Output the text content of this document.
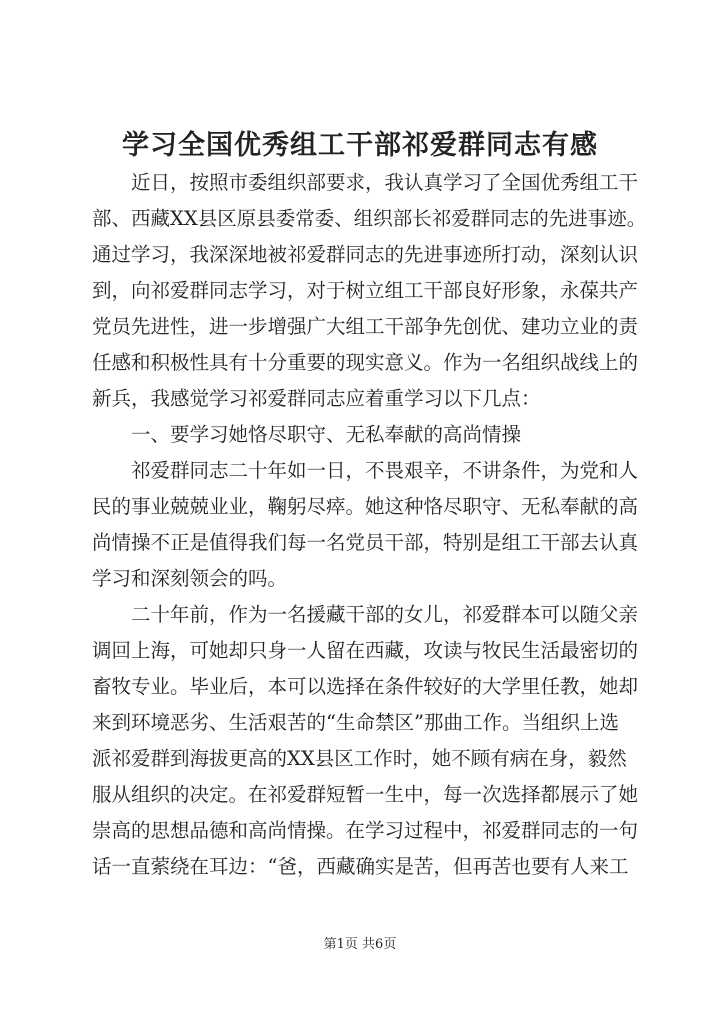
学习全国优秀组工干部祁爱群同志有感

　　近日，按照市委组织部要求，我认真学习了全国优秀组工干

部、西藏XX县区原县委常委、组织部长祁爱群同志的先进事迹。

通过学习，我深深地被祁爱群同志的先进事迹所打动，深刻认识

到，向祁爱群同志学习，对于树立组工干部良好形象，永葆共产

党员先进性，进一步增强广大组工干部争先创优、建功立业的责

任感和积极性具有十分重要的现实意义。作为一名组织战线上的

新兵，我感觉学习祁爱群同志应着重学习以下几点：

　　一、要学习她恪尽职守、无私奉献的高尚情操

　　祁爱群同志二十年如一日，不畏艰辛，不讲条件，为党和人

民的事业兢兢业业，鞠躬尽瘁。她这种恪尽职守、无私奉献的高

尚情操不正是值得我们每一名党员干部，特别是组工干部去认真

学习和深刻领会的吗。

　　二十年前，作为一名援藏干部的女儿，祁爱群本可以随父亲

调回上海，可她却只身一人留在西藏，攻读与牧民生活最密切的

畜牧专业。毕业后，本可以选择在条件较好的大学里任教，她却

来到环境恶劣、生活艰苦的“生命禁区”那曲工作。当组织上选

派祁爱群到海拔更高的XX县区工作时，她不顾有病在身，毅然

服从组织的决定。在祁爱群短暂一生中，每一次选择都展示了她

崇高的思想品德和高尚情操。在学习过程中，祁爱群同志的一句

话一直萦绕在耳边：“爸，西藏确实是苦，但再苦也要有人来工

第1页 共6页
